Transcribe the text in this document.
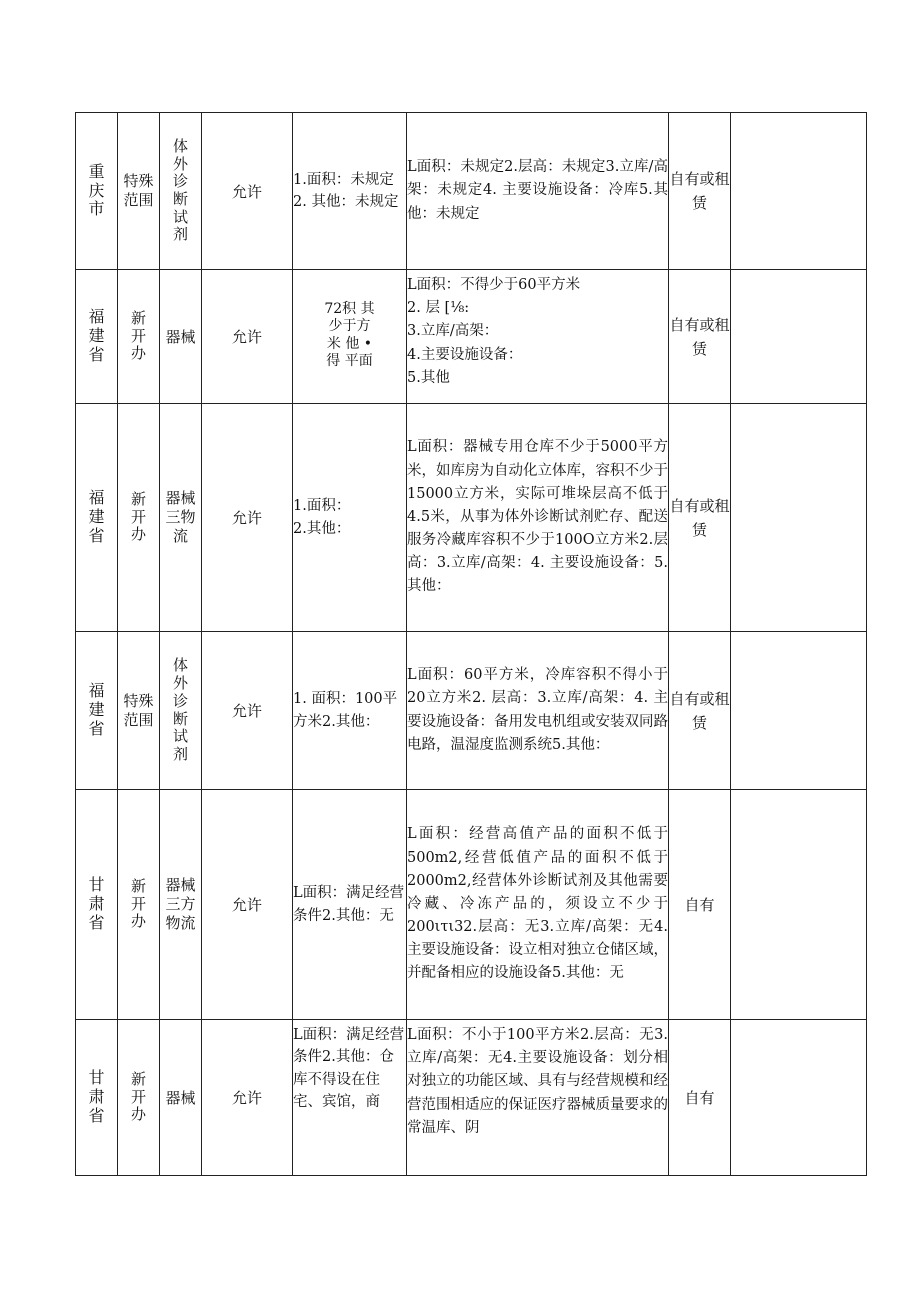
重庆市	特殊范围	体外诊断试剂	允许	1.面积：未规定2. 其他：未规定	L面积：未规定2.层高：未规定3.立库/高架：未规定4. 主要设施设备：冷库5.其他：未规定	自有或租赁	
福建省	新开办	器械	允许	72积 其少于方米 他 •得 平面	L面积：不得少于60平方米
2. 层 [⅛:
3.立库/高架：
4.主要设施设备：
5.其他	自有或租赁	
福建省	新开办	器械三物流	允许	1.面积：
2.其他：	L面积：器械专用仓库不少于5000平方米，如库房为自动化立体库，容积不少于15000立方米，实际可堆垛层高不低于4.5米，从事为体外诊断试剂贮存、配送服务冷藏库容积不少于100O立方米2.层高：3.立库/高架：4. 主要设施设备：5.其他：	自有或租赁	
福建省	特殊范围	体外诊断试剂	允许	1. 面积：100平方米2.其他：	L面积：60平方米，冷库容积不得小于20立方米2. 层高：3.立库/高架：4. 主要设施设备：备用发电机组或安装双同路电路，温湿度监测系统5.其他：	自有或租赁	
甘肃省	新开办	器械三方物流	允许	L面积：满足经营条件2.其他：无	L面积：经营高值产品的面积不低于500m2,经营低值产品的面积不低于2000m2,经营体外诊断试剂及其他需要冷藏、冷冻产品的，须设立不少于200ιτι32.层高：无3.立库/高架：无4. 主要设施设备：设立相对独立仓储区域，并配备相应的设施设备5.其他：无	自有	
甘肃省	新开办	器械	允许	L面积：满足经营条件2.其他：仓库不得设在住宅、宾馆，商	L面积：不小于100平方米2.层高：无3.立库/高架：无4.主要设施设备：划分相对独立的功能区域、具有与经营规模和经营范围相适应的保证医疗器械质量要求的常温库、阴	自有	
